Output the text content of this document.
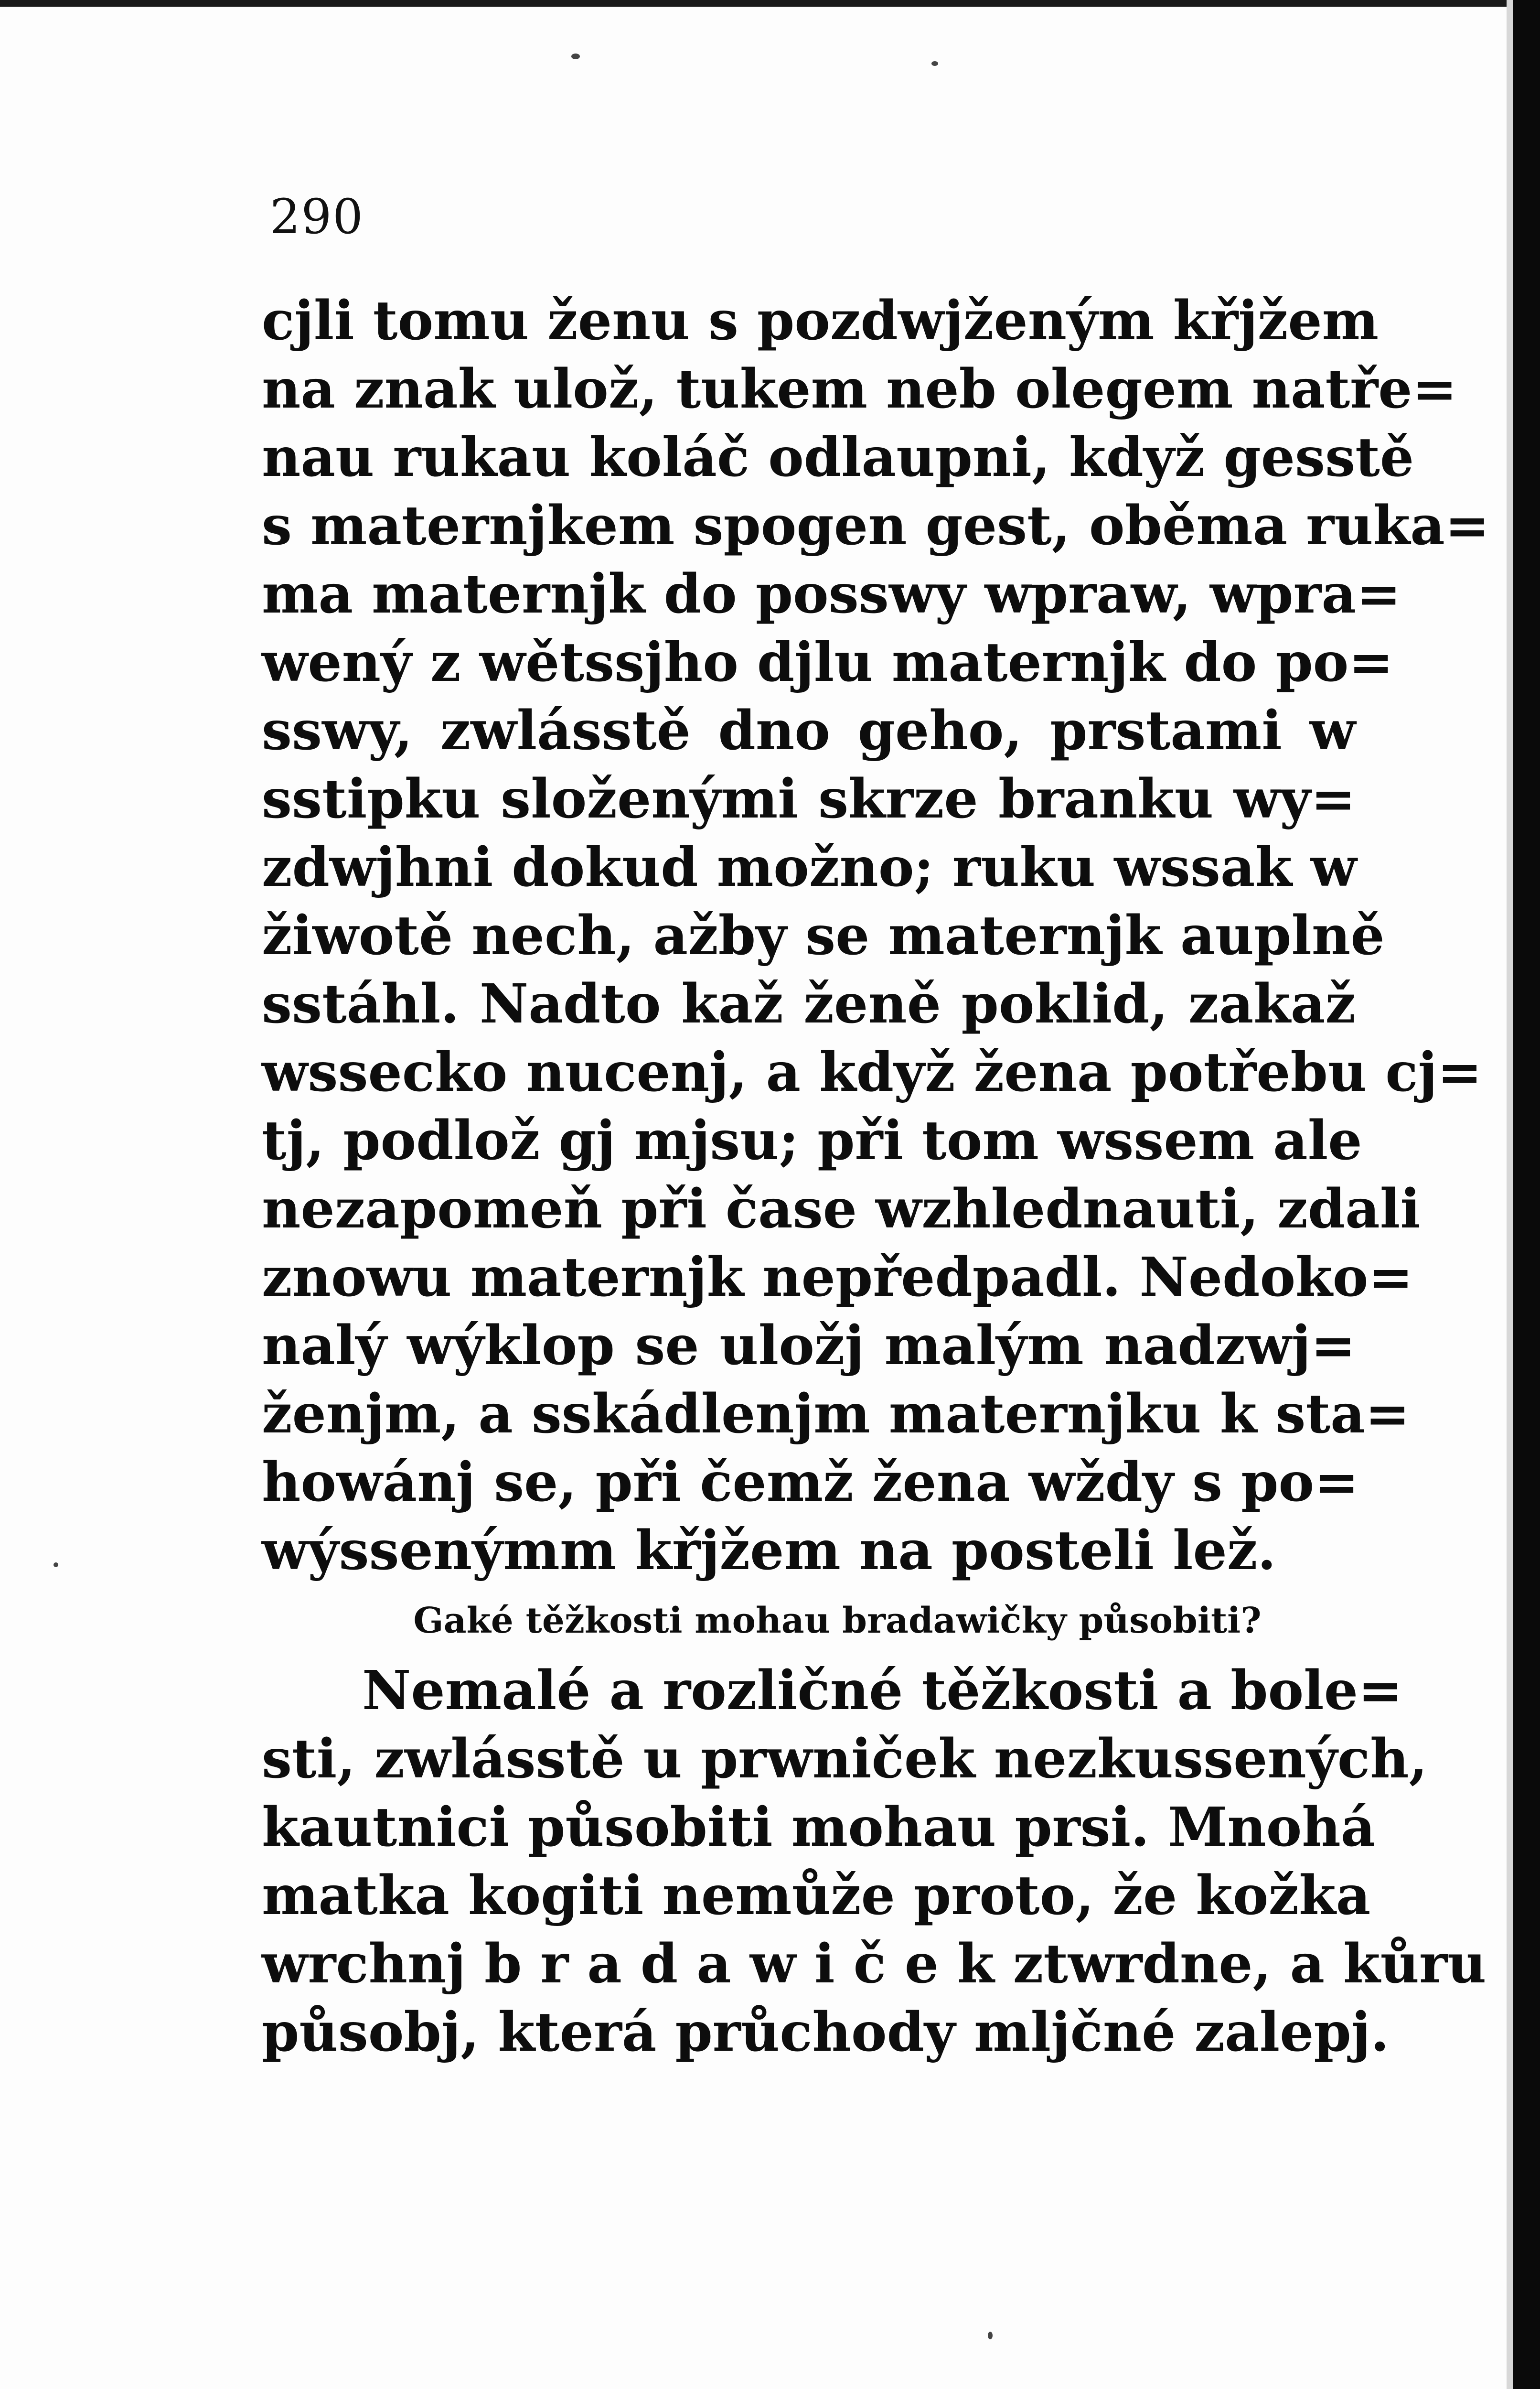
290
cjli tomu ženu s pozdwjženým křjžem
na znak ulož, tukem neb olegem natře=
nau rukau koláč odlaupni, když gesstě
s maternjkem spogen gest, oběma ruka=
ma maternjk do posswy wpraw, wpra=
wený z wětssjho djlu maternjk do po=
sswy, zwlásstě dno geho, prstami w
sstipku složenými skrze branku wy=
zdwjhni dokud možno; ruku wssak w
žiwotě nech, ažby se maternjk auplně
sstáhl. Nadto kaž ženě poklid, zakaž
wssecko nucenj, a když žena potřebu cj=
tj, podlož gj mjsu; při tom wssem ale
nezapomeň při čase wzhlednauti, zdali
znowu maternjk nepředpadl. Nedoko=
nalý wýklop se uložj malým nadzwj=
ženjm, a sskádlenjm maternjku k sta=
howánj se, při čemž žena wždy s po=
wýssenýmm křjžem na posteli lež.
Gaké těžkosti mohau bradawičky působiti?
Nemalé a rozličné těžkosti a bole=
sti, zwlásstě u prwniček nezkussených,
kautnici působiti mohau prsi. Mnohá
matka kogiti nemůže proto, že kožka
wrchnj b r a d a w i č e k ztwrdne, a kůru
působj, která průchody mljčné zalepj.
